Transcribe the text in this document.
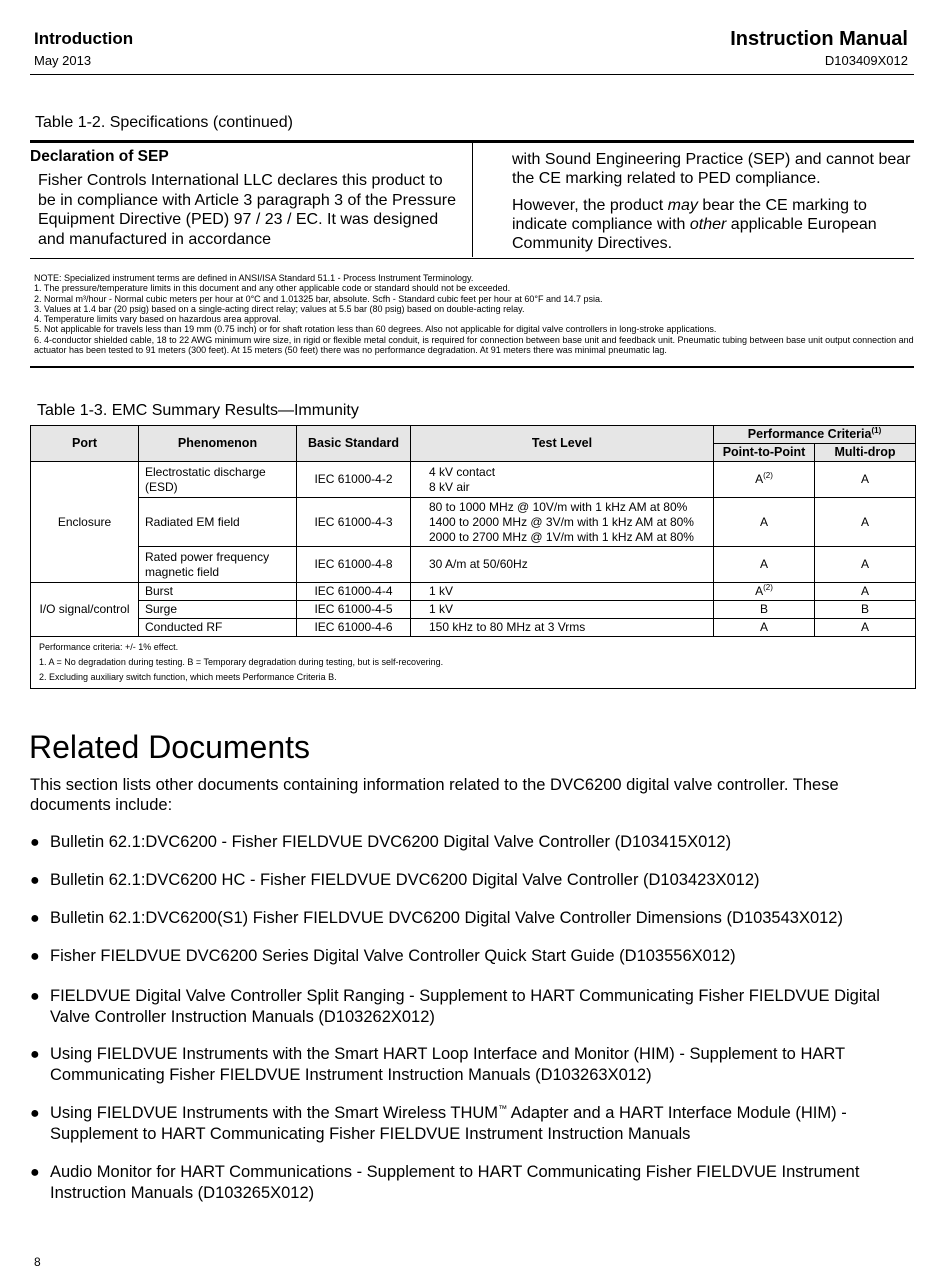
Introduction
May 2013
Instruction Manual
D103409X012
Table 1-2. Specifications (continued)
Declaration of SEP
Fisher Controls International LLC declares this product to be in compliance with Article 3 paragraph 3 of the Pressure Equipment Directive (PED) 97 / 23 / EC. It was designed and manufactured in accordance

with Sound Engineering Practice (SEP) and cannot bear the CE marking related to PED compliance.

However, the product may bear the CE marking to indicate compliance with other applicable European Community Directives.

NOTE: Specialized instrument terms are defined in ANSI/ISA Standard 51.1 - Process Instrument Terminology.
1. The pressure/temperature limits in this document and any other applicable code or standard should not be exceeded.
2. Normal m³/hour - Normal cubic meters per hour at 0°C and 1.01325 bar, absolute. Scfh - Standard cubic feet per hour at 60°F and 14.7 psia.
3. Values at 1.4 bar (20 psig) based on a single-acting direct relay; values at 5.5 bar (80 psig) based on double-acting relay.
4. Temperature limits vary based on hazardous area approval.
5. Not applicable for travels less than 19 mm (0.75 inch) or for shaft rotation less than 60 degrees. Also not applicable for digital valve controllers in long-stroke applications.
6. 4-conductor shielded cable, 18 to 22 AWG minimum wire size, in rigid or flexible metal conduit, is required for connection between base unit and feedback unit. Pneumatic tubing between base unit output connection and actuator has been tested to 91 meters (300 feet). At 15 meters (50 feet) there was no performance degradation. At 91 meters there was minimal pneumatic lag.
Table 1-3. EMC Summary Results—Immunity
Port	Phenomenon	Basic Standard	Test Level	Performance Criteria$^{(1)}$
				Point-to-Point	Multi-drop
Enclosure	Electrostatic discharge (ESD)	IEC 61000-4-2	4 kV contact
8 kV air	$A^{(2)}$	A
	Radiated EM field	IEC 61000-4-3	80 to 1000 MHz @ 10V/m with 1 kHz AM at 80%
1400 to 2000 MHz @ 3V/m with 1 kHz AM at 80%
2000 to 2700 MHz @ 1V/m with 1 kHz AM at 80%	A	A
	Rated power frequency magnetic field	IEC 61000-4-8	30 A/m at 50/60Hz	A	A
I/O signal/control	Burst	IEC 61000-4-4	1 kV	$A^{(2)}$	A
	Surge	IEC 61000-4-5	1 kV	B	B
	Conducted RF	IEC 61000-4-6	150 kHz to 80 MHz at 3 Vrms	A	A

Performance criteria: +/- 1% effect.
1. A = No degradation during testing. B = Temporary degradation during testing, but is self-recovering.
2. Excluding auxiliary switch function, which meets Performance Criteria B.					
Related Documents
This section lists other documents containing information related to the DVC6200 digital valve controller. These documents include:
● Bulletin 62.1:DVC6200 - Fisher FIELDVUE DVC6200 Digital Valve Controller (D103415X012)
● Bulletin 62.1:DVC6200 HC - Fisher FIELDVUE DVC6200 Digital Valve Controller (D103423X012)
● Bulletin 62.1:DVC6200(S1) Fisher FIELDVUE DVC6200 Digital Valve Controller Dimensions (D103543X012)
● Fisher FIELDVUE DVC6200 Series Digital Valve Controller Quick Start Guide (D103556X012)
● FIELDVUE Digital Valve Controller Split Ranging - Supplement to HART Communicating Fisher FIELDVUE Digital Valve Controller Instruction Manuals (D103262X012)
● Using FIELDVUE Instruments with the Smart HART Loop Interface and Monitor (HIM) - Supplement to HART Communicating Fisher FIELDVUE Instrument Instruction Manuals (D103263X012)
● Using FIELDVUE Instruments with the Smart Wireless THUM™ Adapter and a HART Interface Module (HIM) - Supplement to HART Communicating Fisher FIELDVUE Instrument Instruction Manuals
● Audio Monitor for HART Communications - Supplement to HART Communicating Fisher FIELDVUE Instrument Instruction Manuals (D103265X012)
8
